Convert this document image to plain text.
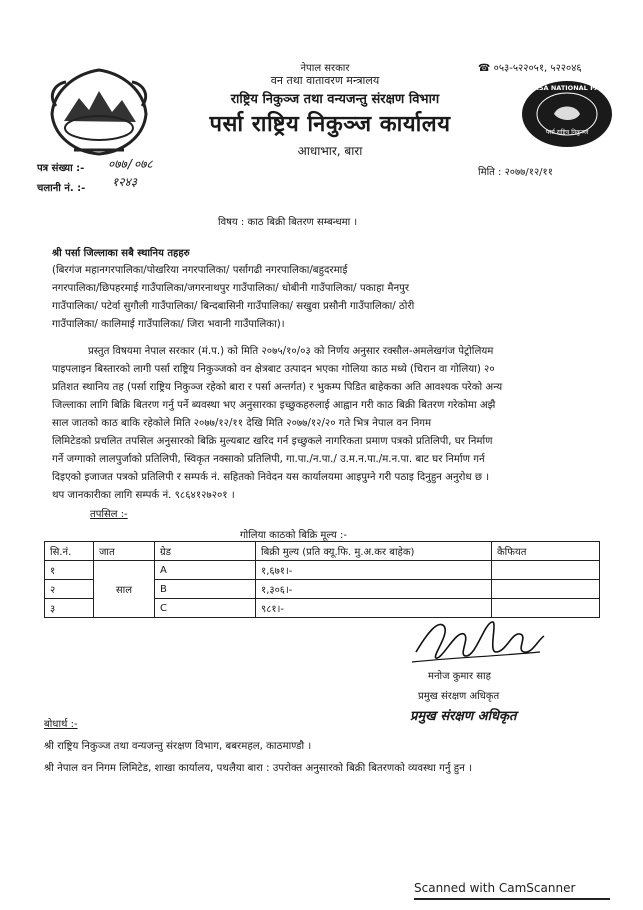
नेपाल सरकार
वन तथा वातावरण मन्त्रालय
राष्ट्रिय निकुञ्ज तथा वन्यजन्तु संरक्षण विभाग
पर्सा राष्ट्रिय निकुञ्ज कार्यालय
आधाभार, बारा
☎ ०५३-५२२०५१, ५२२०४६
PARSA NATIONAL PARK
पर्सा राष्ट्रिय निकुञ्ज
पत्र संख्या :- ०७७/०७८
चलानी नं. :- १२४३
मिति : २०७७/१२/११
विषय : काठ बिक्री बितरण सम्बन्धमा ।
श्री पर्सा जिल्लाका सबै स्थानिय तहहरु
(बिरगंज महानगरपालिका/पोखरिया नगरपालिका/ पर्सागढी नगरपालिका/बहुदरमाई
नगरपालिका/छिपहरमाई गाउँपालिका/जगरनाथपुर गाउँपालिका/ धोबीनी गाउँपालिका/ पकाहा मैनपुर
गाउँपालिका/ पटेर्वा सुगौली गाउँपालिका/ बिन्दबासिनी गाउँपालिका/ सखुवा प्रसौनी गाउँपालिका/ ठोरी
गाउँपालिका/ कालिमाई गाउँपालिका/ जिरा भवानी गाउँपालिका)।
प्रस्तुत विषयमा नेपाल सरकार (मं.प.) को मिति २०७५/१०/०३ को निर्णय अनुसार रक्सौल-अमलेखगंज पेट्रोलियम
पाइपलाइन बिस्तारको लागी पर्सा राष्ट्रिय निकुञ्जको वन क्षेत्रबाट उत्पादन भएका गोलिया काठ मध्ये (चिरान वा गोलिया) २०
प्रतिशत स्थानिय तह (पर्सा राष्ट्रिय निकुञ्ज रहेको बारा र पर्सा अन्तर्गत) र भुकम्प पिडित बाहेकका अति आवश्यक परेको अन्य
जिल्लाका लागि बिक्रि बितरण गर्नु पर्ने ब्यवस्था भए अनुसारका इच्छुकहरुलाई आह्वान गरी काठ बिक्री बितरण गरेकोमा अझै
साल जातको काठ बाकि रहेकोले मिति २०७७/१२/११ देखि मिति २०७७/१२/२० गते भित्र नेपाल वन निगम
लिमिटेडको प्रचलित तपसिल अनुसारको बिक्रि मुल्यबाट खरिद गर्न इच्छुकले नागरिकता प्रमाण पत्रको प्रतिलिपी, घर निर्माण
गर्ने जग्गाको लालपुर्जाको प्रतिलिपी, स्विकृत नक्साको प्रतिलिपी, गा.पा./न.पा./ उ.म.न.पा./म.न.पा. बाट घर निर्माण गर्न
दिइएको इजाजत पत्रको प्रतिलिपी र सम्पर्क नं. सहितको निवेदन यस कार्यालयमा आइपुग्ने गरी पठाइ दिनुहुन अनुरोध छ ।
थप जानकारीका लागि सम्पर्क नं. ९८६४१२७२०१ ।
तपसिल :-
गोलिया काठको बिक्रि मूल्य :-
सि.नं.	जात	ग्रेड	बिक्री मुल्य (प्रति क्यू.फि. मु.अ.कर बाहेक)	कैफियत
१	साल	A	१,६७१।-	
२		B	१,३०६।-	
३		C	९८१।-	
मनोज कुमार साह
प्रमुख संरक्षण अधिकृत
प्रमुख संरक्षण अधिकृत
बोधार्थ :-
श्री राष्ट्रिय निकुञ्ज तथा वन्यजन्तु संरक्षण विभाग, बबरमहल, काठमाण्डौ ।
श्री नेपाल वन निगम लिमिटेड, शाखा कार्यालय, पथलैया बारा : उपरोक्त अनुसारको बिक्री बितरणको व्यवस्था गर्नु हुन ।
Scanned with CamScanner
